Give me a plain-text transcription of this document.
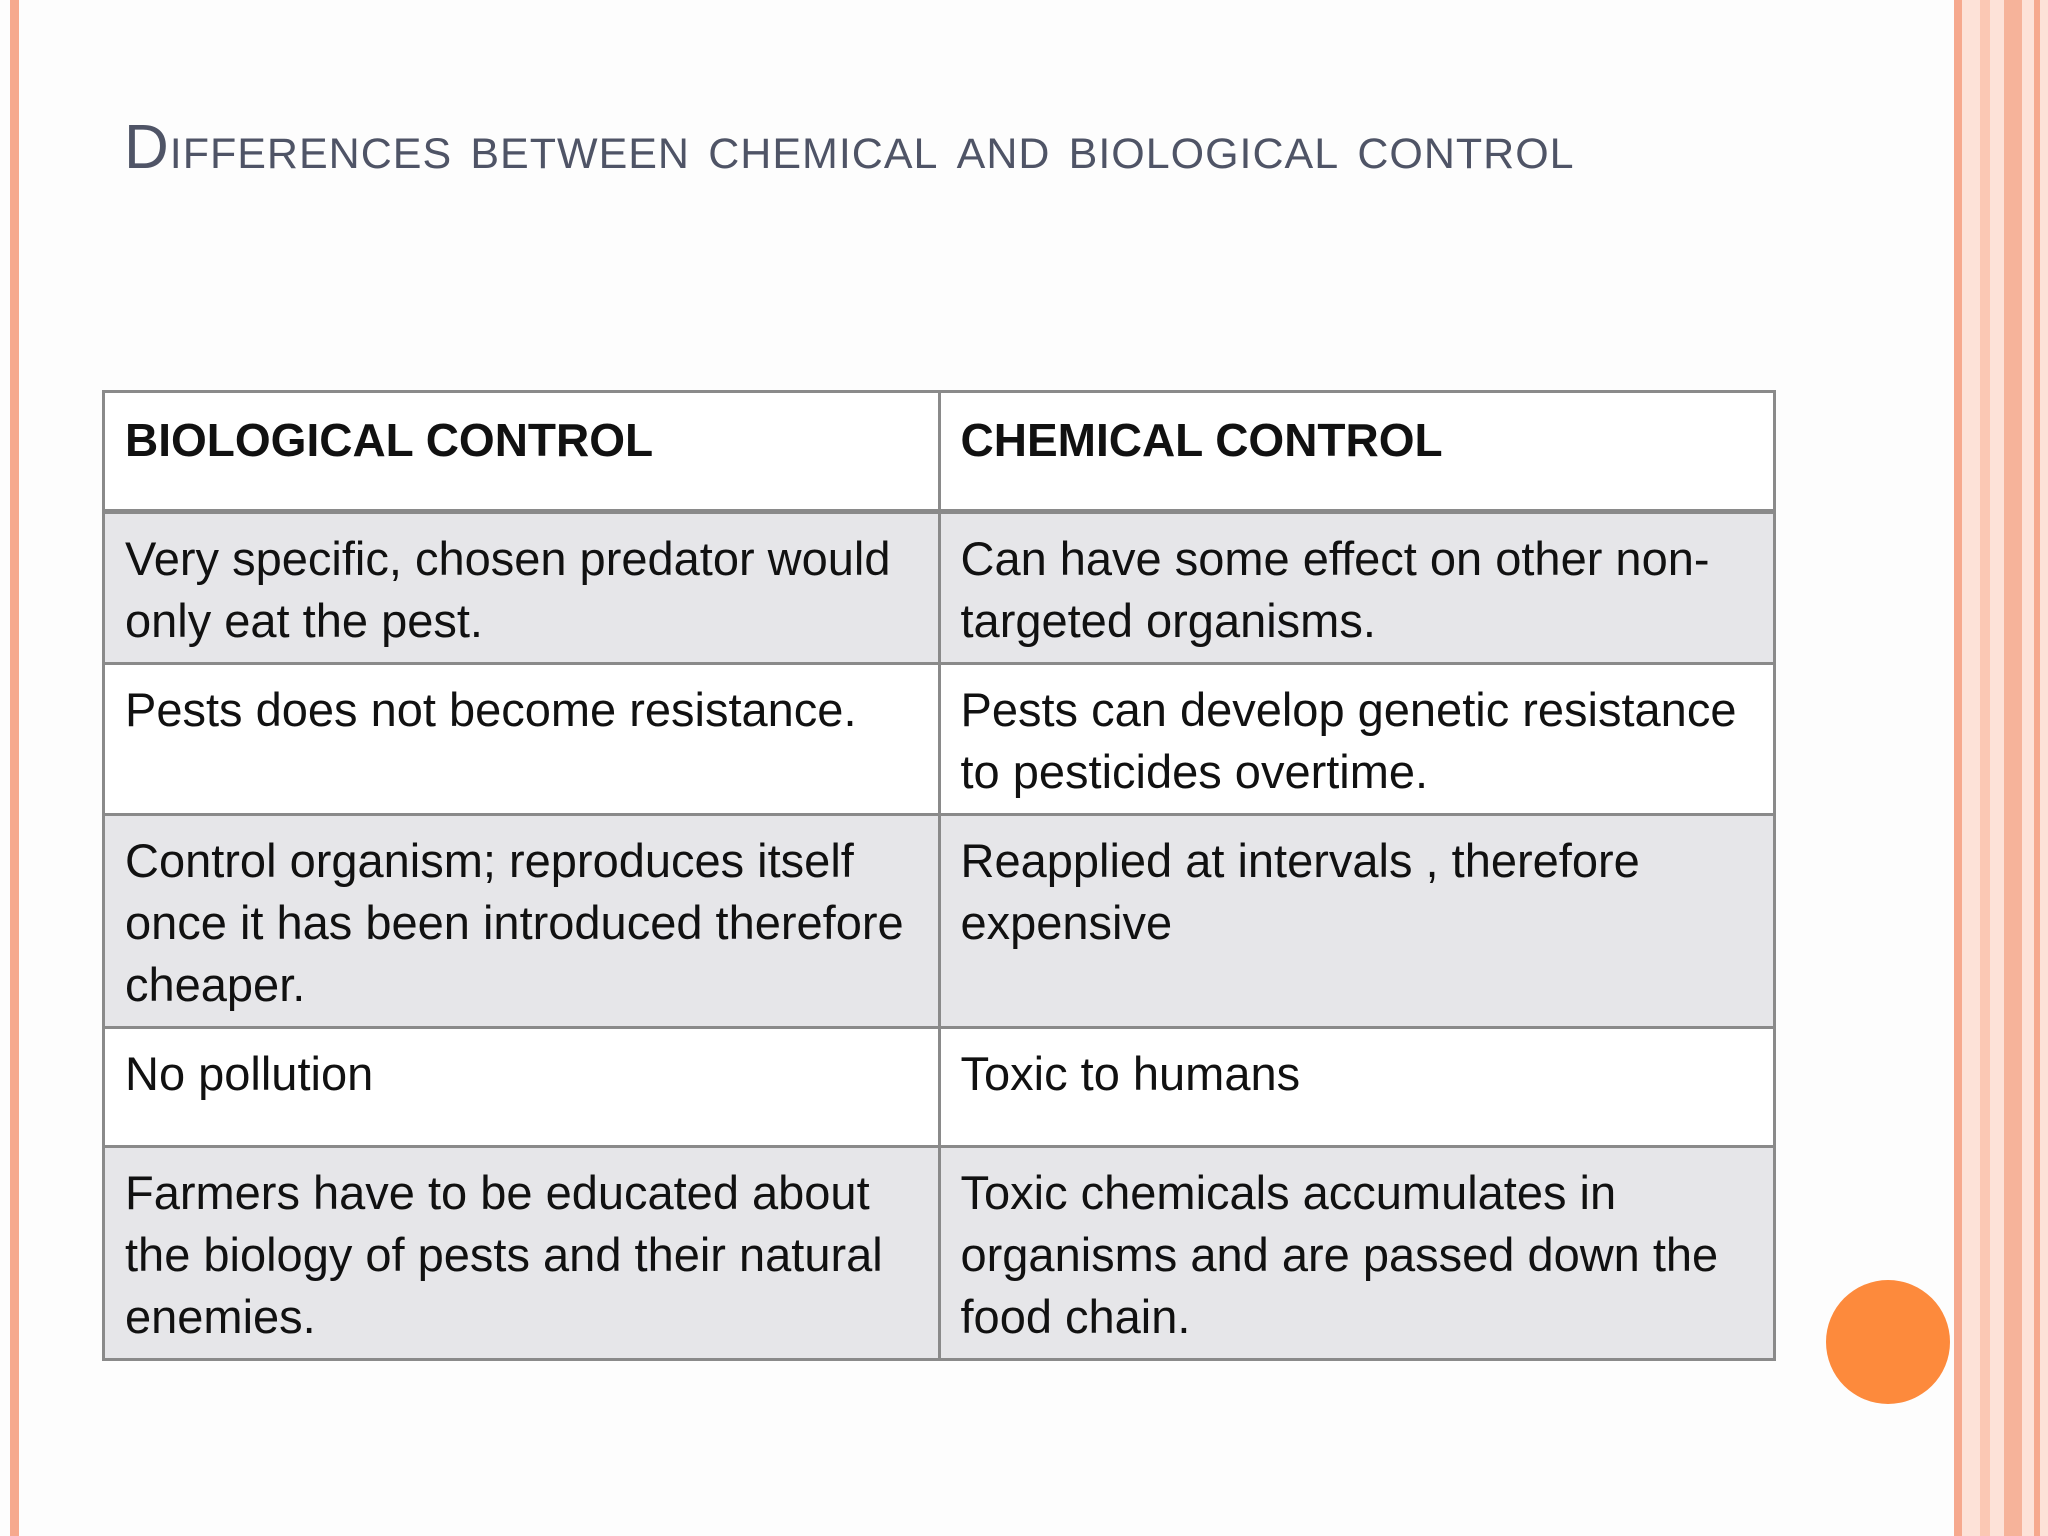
Differences between chemical and biological control
BIOLOGICAL CONTROL	CHEMICAL CONTROL
Very specific, chosen predator would only eat the pest.	Can have some effect on other non-targeted organisms.
Pests does not become resistance.	Pests can develop genetic resistance to pesticides overtime.
Control organism; reproduces itself once it has been introduced therefore cheaper.	Reapplied at intervals , therefore expensive
No pollution	Toxic to humans
Farmers have to be educated about the biology of pests and their natural enemies.	Toxic chemicals accumulates in organisms and are passed down the food chain.
